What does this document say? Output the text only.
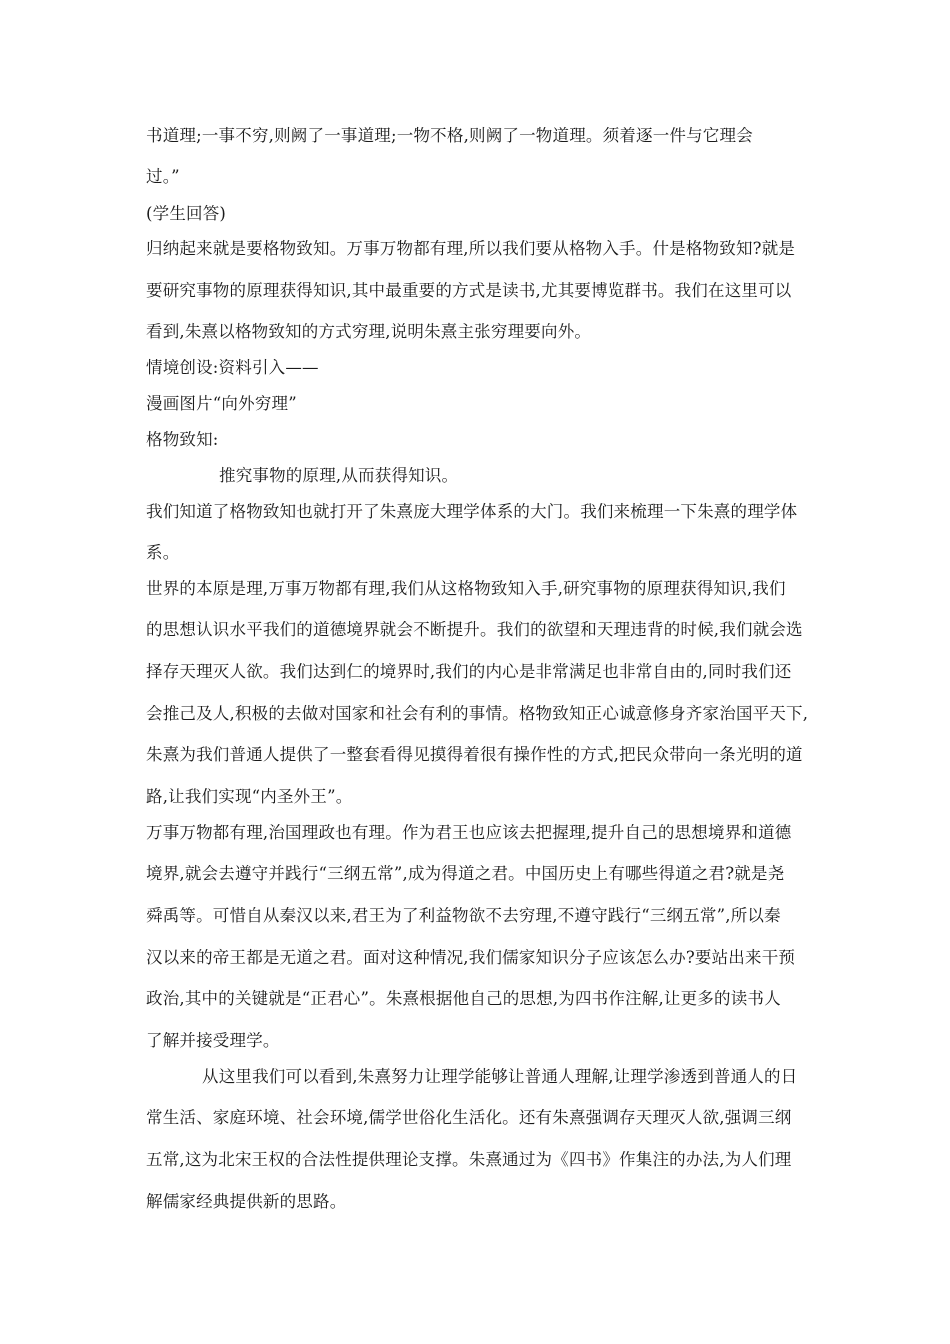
书道理;一事不穷,则阙了一事道理;一物不格,则阙了一物道理。须着逐一件与它理会
过。”
(学生回答)
归纳起来就是要格物致知。万事万物都有理,所以我们要从格物入手。什是格物致知?就是
要研究事物的原理获得知识,其中最重要的方式是读书,尤其要博览群书。我们在这里可以
看到,朱熹以格物致知的方式穷理,说明朱熹主张穷理要向外。
情境创设:资料引入——
漫画图片“向外穷理”
格物致知:
推究事物的原理,从而获得知识。
我们知道了格物致知也就打开了朱熹庞大理学体系的大门。我们来梳理一下朱熹的理学体
系。
世界的本原是理,万事万物都有理,我们从这格物致知入手,研究事物的原理获得知识,我们
的思想认识水平我们的道德境界就会不断提升。我们的欲望和天理违背的时候,我们就会选
择存天理灭人欲。我们达到仁的境界时,我们的内心是非常满足也非常自由的,同时我们还
会推己及人,积极的去做对国家和社会有利的事情。格物致知正心诚意修身齐家治国平天下,
朱熹为我们普通人提供了一整套看得见摸得着很有操作性的方式,把民众带向一条光明的道
路,让我们实现“内圣外王”。
万事万物都有理,治国理政也有理。作为君王也应该去把握理,提升自己的思想境界和道德
境界,就会去遵守并践行“三纲五常”,成为得道之君。中国历史上有哪些得道之君?就是尧
舜禹等。可惜自从秦汉以来,君王为了利益物欲不去穷理,不遵守践行“三纲五常”,所以秦
汉以来的帝王都是无道之君。面对这种情况,我们儒家知识分子应该怎么办?要站出来干预
政治,其中的关键就是“正君心”。朱熹根据他自己的思想,为四书作注解,让更多的读书人
了解并接受理学。
从这里我们可以看到,朱熹努力让理学能够让普通人理解,让理学渗透到普通人的日
常生活、家庭环境、社会环境,儒学世俗化生活化。还有朱熹强调存天理灭人欲,强调三纲
五常,这为北宋王权的合法性提供理论支撑。朱熹通过为《四书》作集注的办法,为人们理
解儒家经典提供新的思路。
